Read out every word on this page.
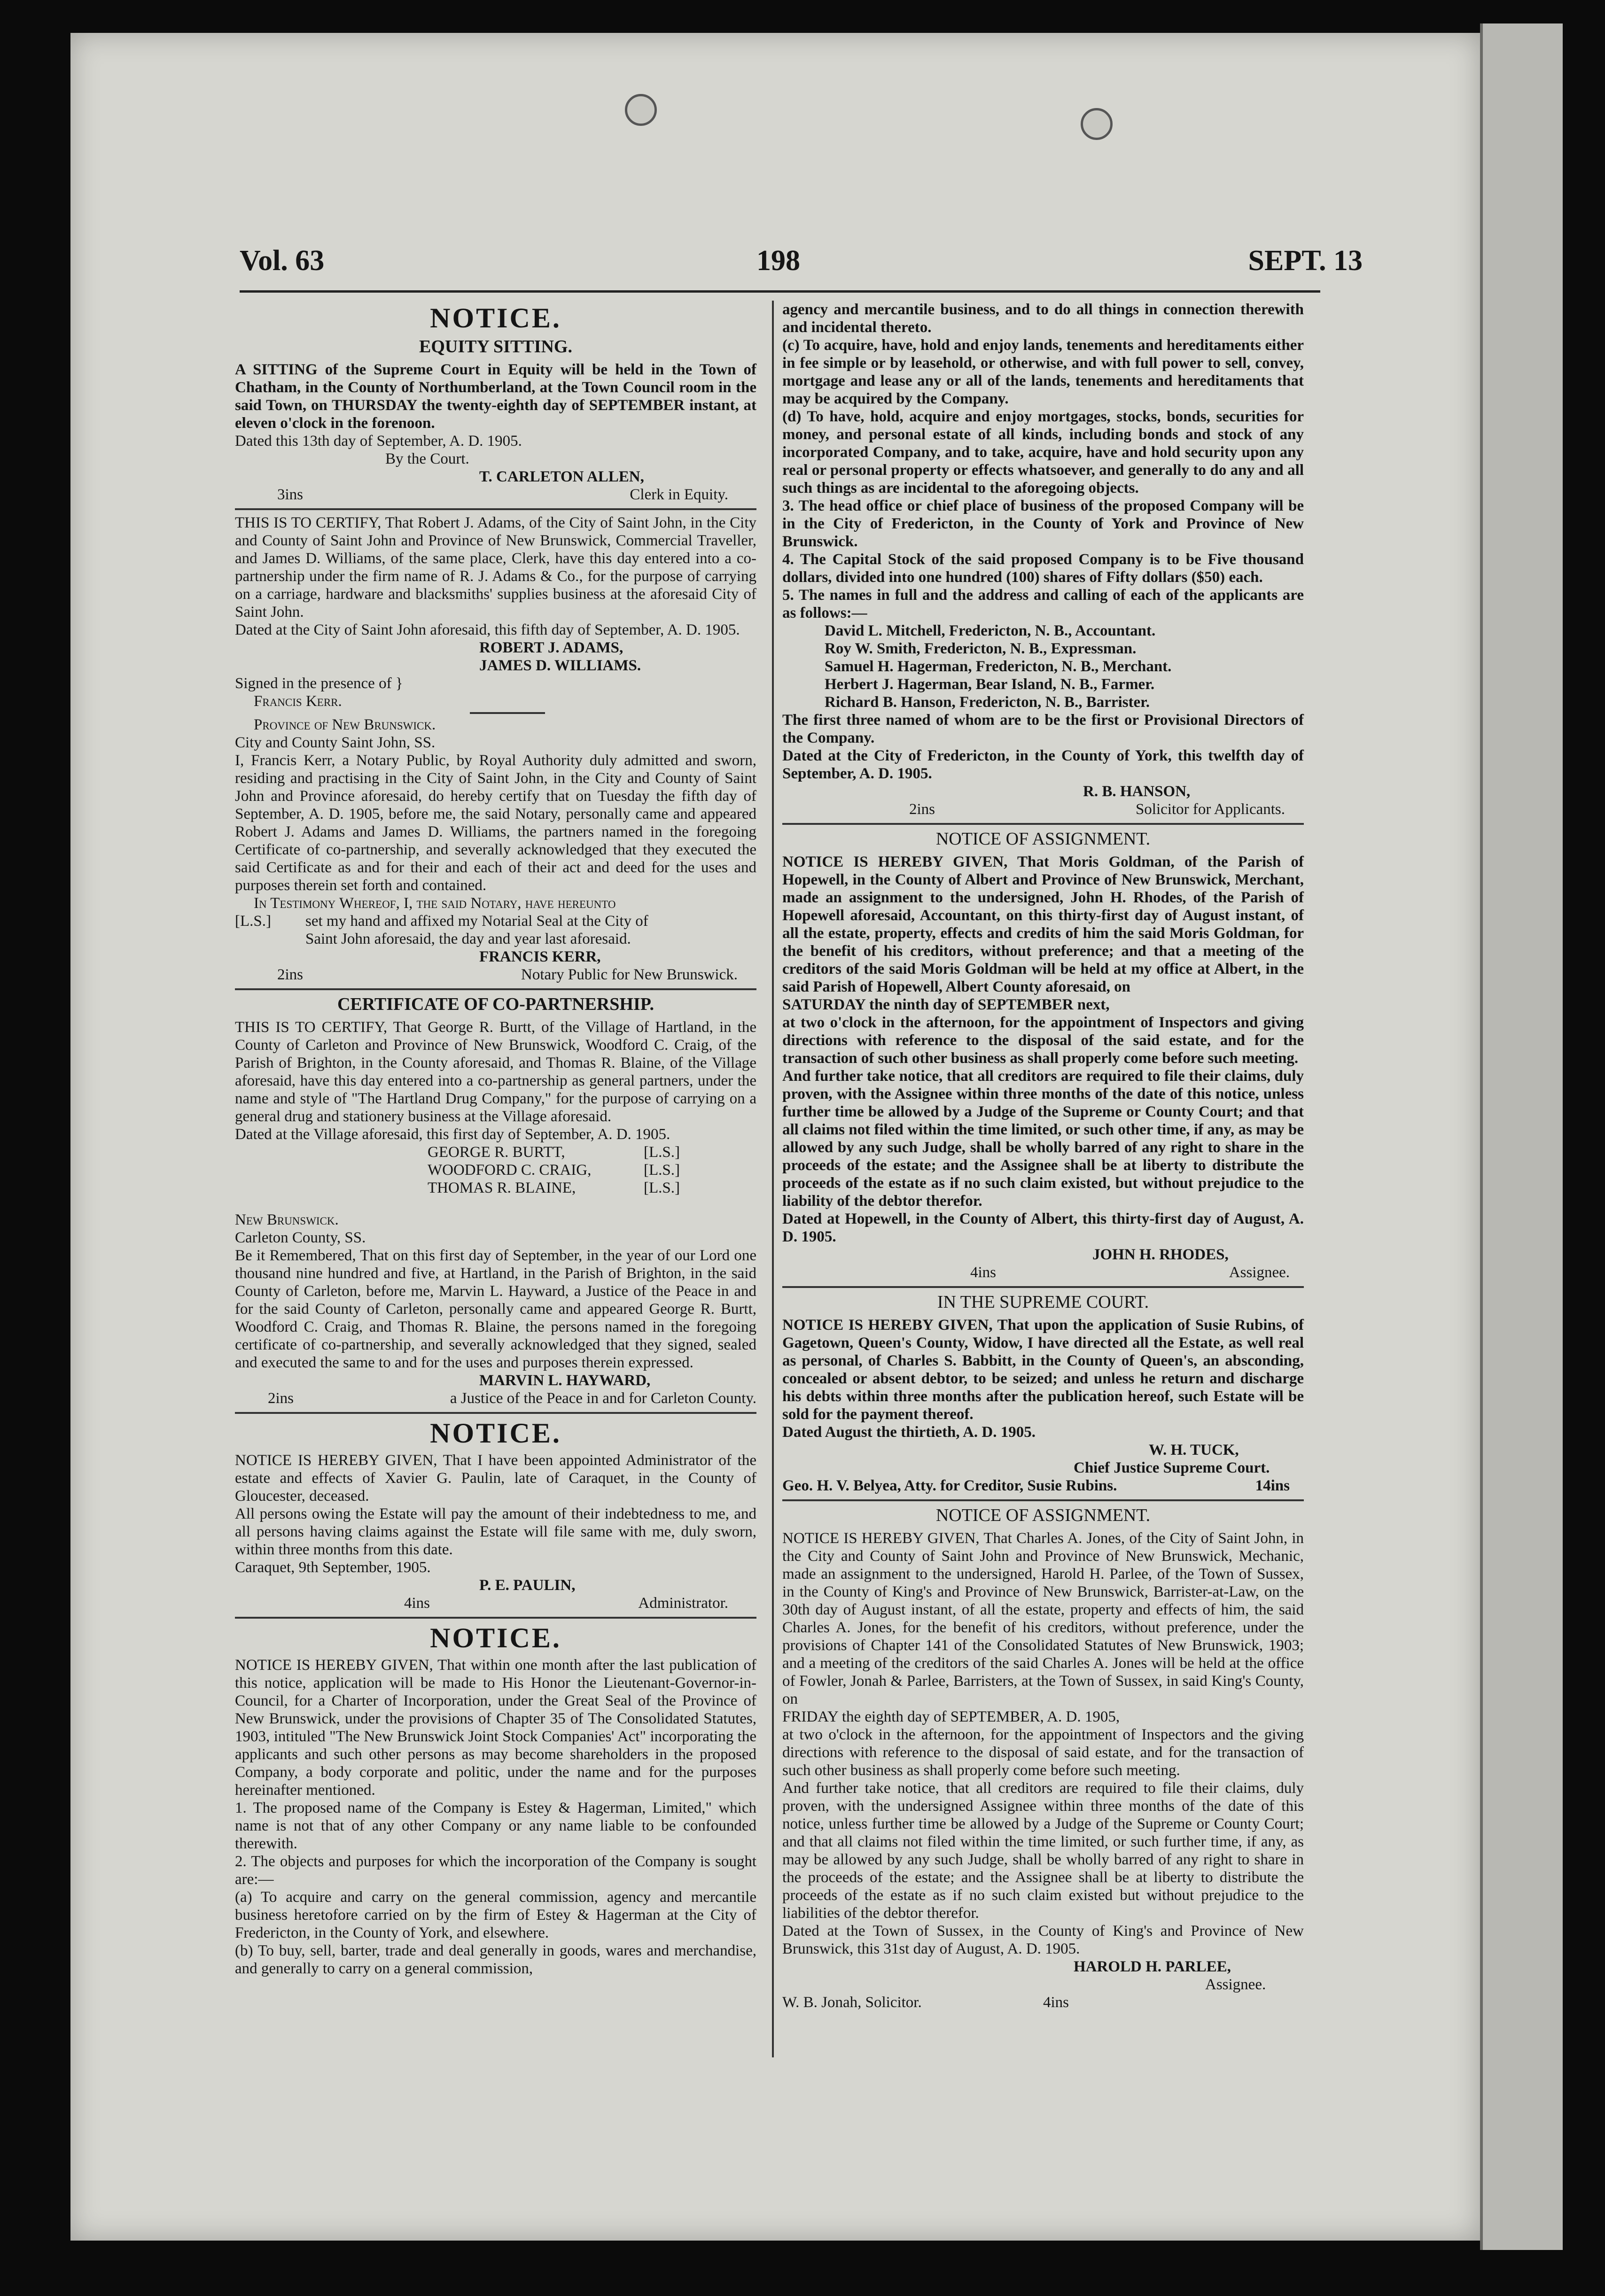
Vol. 63	198	SEPT. 13
NOTICE.
EQUITY SITTING.

A SITTING of the Supreme Court in Equity will be held in the Town of Chatham, in the County of Northumberland, at the Town Council room in the said Town, on THURSDAY the twenty-eighth day of SEPTEMBER instant, at eleven o'clock in the forenoon.

Dated this 13th day of September, A. D. 1905.

By the Court.
T. CARLETON ALLEN,
3ins	Clerk in Equity.

THIS IS TO CERTIFY, That Robert J. Adams, of the City of Saint John, in the City and County of Saint John and Province of New Brunswick, Commercial Traveller, and James D. Williams, of the same place, Clerk, have this day entered into a co-partnership under the firm name of R. J. Adams & Co., for the purpose of carrying on a carriage, hardware and blacksmiths' supplies business at the aforesaid City of Saint John.

Dated at the City of Saint John aforesaid, this fifth day of September, A. D. 1905.

ROBERT J. ADAMS,
JAMES D. WILLIAMS.
Signed in the presence of }
Francis Kerr.
Province of New Brunswick.
City and County Saint John, SS.

I, Francis Kerr, a Notary Public, by Royal Authority duly admitted and sworn, residing and practising in the City of Saint John, in the City and County of Saint John and Province aforesaid, do hereby certify that on Tuesday the fifth day of September, A. D. 1905, before me, the said Notary, personally came and appeared Robert J. Adams and James D. Williams, the partners named in the foregoing Certificate of co-partnership, and severally acknowledged that they executed the said Certificate as and for their and each of their act and deed for the uses and purposes therein set forth and contained.

In Testimony Whereof, I, the said Notary, have hereunto
[L.S.]	set my hand and affixed my Notarial Seal at the City of
Saint John aforesaid, the day and year last aforesaid.
FRANCIS KERR,
2ins	Notary Public for New Brunswick.
CERTIFICATE OF CO-PARTNERSHIP.

THIS IS TO CERTIFY, That George R. Burtt, of the Village of Hartland, in the County of Carleton and Province of New Brunswick, Woodford C. Craig, of the Parish of Brighton, in the County aforesaid, and Thomas R. Blaine, of the Village aforesaid, have this day entered into a co-partnership as general partners, under the name and style of "The Hartland Drug Company," for the purpose of carrying on a general drug and stationery business at the Village aforesaid.

Dated at the Village aforesaid, this first day of September, A. D. 1905.

GEORGE R. BURTT,	[L.S.]
WOODFORD C. CRAIG,	[L.S.]
THOMAS R. BLAINE,	[L.S.]
New Brunswick.
Carleton County, SS.

Be it Remembered, That on this first day of September, in the year of our Lord one thousand nine hundred and five, at Hartland, in the Parish of Brighton, in the said County of Carleton, before me, Marvin L. Hayward, a Justice of the Peace in and for the said County of Carleton, personally came and appeared George R. Burtt, Woodford C. Craig, and Thomas R. Blaine, the persons named in the foregoing certificate of co-partnership, and severally acknowledged that they signed, sealed and executed the same to and for the uses and purposes therein expressed.

MARVIN L. HAYWARD,
2ins	a Justice of the Peace in and for Carleton County.
NOTICE.

NOTICE IS HEREBY GIVEN, That I have been appointed Administrator of the estate and effects of Xavier G. Paulin, late of Caraquet, in the County of Gloucester, deceased.

All persons owing the Estate will pay the amount of their indebtedness to me, and all persons having claims against the Estate will file same with me, duly sworn, within three months from this date.

Caraquet, 9th September, 1905.

P. E. PAULIN,
4ins	Administrator.
NOTICE.

NOTICE IS HEREBY GIVEN, That within one month after the last publication of this notice, application will be made to His Honor the Lieutenant-Governor-in-Council, for a Charter of Incorporation, under the Great Seal of the Province of New Brunswick, under the provisions of Chapter 35 of The Consolidated Statutes, 1903, intituled "The New Brunswick Joint Stock Companies' Act" incorporating the applicants and such other persons as may become shareholders in the proposed Company, a body corporate and politic, under the name and for the purposes hereinafter mentioned.

1. The proposed name of the Company is Estey & Hagerman, Limited," which name is not that of any other Company or any name liable to be confounded therewith.

2. The objects and purposes for which the incorporation of the Company is sought are:—

(a) To acquire and carry on the general commission, agency and mercantile business heretofore carried on by the firm of Estey & Hagerman at the City of Fredericton, in the County of York, and elsewhere.

(b) To buy, sell, barter, trade and deal generally in goods, wares and merchandise, and generally to carry on a general commission,

agency and mercantile business, and to do all things in connection therewith and incidental thereto.

(c) To acquire, have, hold and enjoy lands, tenements and hereditaments either in fee simple or by leasehold, or otherwise, and with full power to sell, convey, mortgage and lease any or all of the lands, tenements and hereditaments that may be acquired by the Company.

(d) To have, hold, acquire and enjoy mortgages, stocks, bonds, securities for money, and personal estate of all kinds, including bonds and stock of any incorporated Company, and to take, acquire, have and hold security upon any real or personal property or effects whatsoever, and generally to do any and all such things as are incidental to the aforegoing objects.

3. The head office or chief place of business of the proposed Company will be in the City of Fredericton, in the County of York and Province of New Brunswick.

4. The Capital Stock of the said proposed Company is to be Five thousand dollars, divided into one hundred (100) shares of Fifty dollars ($50) each.

5. The names in full and the address and calling of each of the applicants are as follows:—

David L. Mitchell, Fredericton, N. B., Accountant.

Roy W. Smith, Fredericton, N. B., Expressman.

Samuel H. Hagerman, Fredericton, N. B., Merchant.

Herbert J. Hagerman, Bear Island, N. B., Farmer.

Richard B. Hanson, Fredericton, N. B., Barrister.

The first three named of whom are to be the first or Provisional Directors of the Company.

Dated at the City of Fredericton, in the County of York, this twelfth day of September, A. D. 1905.

R. B. HANSON,
2ins	Solicitor for Applicants.
NOTICE OF ASSIGNMENT.

NOTICE IS HEREBY GIVEN, That Moris Goldman, of the Parish of Hopewell, in the County of Albert and Province of New Brunswick, Merchant, made an assignment to the undersigned, John H. Rhodes, of the Parish of Hopewell aforesaid, Accountant, on this thirty-first day of August instant, of all the estate, property, effects and credits of him the said Moris Goldman, for the benefit of his creditors, without preference; and that a meeting of the creditors of the said Moris Goldman will be held at my office at Albert, in the said Parish of Hopewell, Albert County aforesaid, on

SATURDAY the ninth day of SEPTEMBER next,

at two o'clock in the afternoon, for the appointment of Inspectors and giving directions with reference to the disposal of the said estate, and for the transaction of such other business as shall properly come before such meeting.

And further take notice, that all creditors are required to file their claims, duly proven, with the Assignee within three months of the date of this notice, unless further time be allowed by a Judge of the Supreme or County Court; and that all claims not filed within the time limited, or such other time, if any, as may be allowed by any such Judge, shall be wholly barred of any right to share in the proceeds of the estate; and the Assignee shall be at liberty to distribute the proceeds of the estate as if no such claim existed, but without prejudice to the liability of the debtor therefor.

Dated at Hopewell, in the County of Albert, this thirty-first day of August, A. D. 1905.

JOHN H. RHODES,
4ins	Assignee.
IN THE SUPREME COURT.

NOTICE IS HEREBY GIVEN, That upon the application of Susie Rubins, of Gagetown, Queen's County, Widow, I have directed all the Estate, as well real as personal, of Charles S. Babbitt, in the County of Queen's, an absconding, concealed or absent debtor, to be seized; and unless he return and discharge his debts within three months after the publication hereof, such Estate will be sold for the payment thereof.

Dated August the thirtieth, A. D. 1905.

W. H. TUCK,
Chief Justice Supreme Court.
Geo. H. V. Belyea, Atty. for Creditor, Susie Rubins.	14ins
NOTICE OF ASSIGNMENT.

NOTICE IS HEREBY GIVEN, That Charles A. Jones, of the City of Saint John, in the City and County of Saint John and Province of New Brunswick, Mechanic, made an assignment to the undersigned, Harold H. Parlee, of the Town of Sussex, in the County of King's and Province of New Brunswick, Barrister-at-Law, on the 30th day of August instant, of all the estate, property and effects of him, the said Charles A. Jones, for the benefit of his creditors, without preference, under the provisions of Chapter 141 of the Consolidated Statutes of New Brunswick, 1903; and a meeting of the creditors of the said Charles A. Jones will be held at the office of Fowler, Jonah & Parlee, Barristers, at the Town of Sussex, in said King's County, on

FRIDAY the eighth day of SEPTEMBER, A. D. 1905,

at two o'clock in the afternoon, for the appointment of Inspectors and the giving directions with reference to the disposal of said estate, and for the transaction of such other business as shall properly come before such meeting.

And further take notice, that all creditors are required to file their claims, duly proven, with the undersigned Assignee within three months of the date of this notice, unless further time be allowed by a Judge of the Supreme or County Court; and that all claims not filed within the time limited, or such further time, if any, as may be allowed by any such Judge, shall be wholly barred of any right to share in the proceeds of the estate; and the Assignee shall be at liberty to distribute the proceeds of the estate as if no such claim existed but without prejudice to the liabilities of the debtor therefor.

Dated at the Town of Sussex, in the County of King's and Province of New Brunswick, this 31st day of August, A. D. 1905.

HAROLD H. PARLEE,
Assignee.
W. B. Jonah, Solicitor.	4ins
